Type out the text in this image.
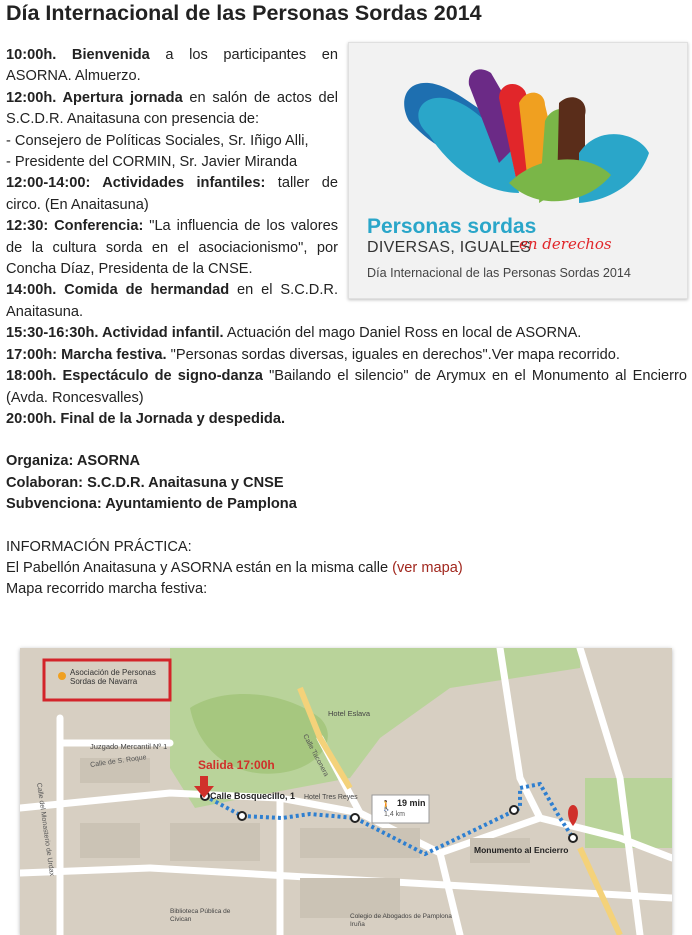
Día Internacional de las Personas Sordas 2014

10:00h. Bienvenida a los participantes en ASORNA. Almuerzo.

12:00h. Apertura jornada en salón de actos del S.C.D.R. Anaitasuna con presencia de:

- Consejero de Políticas Sociales, Sr. Iñigo Alli,

- Presidente del CORMIN, Sr. Javier Miranda

12:00-14:00: Actividades infantiles: taller de circo. (En Anaitasuna)

12:30: Conferencia: "La influencia de los valores de la cultura sorda en el asociacionismo", por Concha Díaz, Presidenta de la CNSE.

14:00h. Comida de hermandad en el S.C.D.R. Anaitasuna.

15:30-16:30h. Actividad infantil. Actuación del mago Daniel Ross en local de ASORNA.

17:00h: Marcha festiva. "Personas sordas diversas, iguales en derechos".Ver mapa recorrido.

18:00h. Espectáculo de signo-danza "Bailando el silencio" de Arymux en el Monumento al Encierro (Avda. Roncesvalles)

20:00h. Final de la Jornada y despedida.

Organiza: ASORNA

Colaboran: S.C.D.R. Anaitasuna y CNSE

Subvenciona: Ayuntamiento de Pamplona

INFORMACIÓN PRÁCTICA:

El Pabellón Anaitasuna y ASORNA están en la misma calle (ver mapa)

Mapa recorrido marcha festiva:

Personas sordas
DIVERSAS, IGUALES
en derechos
Día Internacional de las Personas Sordas 2014
🚶
Asociación de Personas Sordas de Navarra
Salida 17:00h
Calle Bosquecillo, 1
19 min
1,4 km
Monumento al Encierro
Hotel Eslava
Juzgado Mercantil Nº 1
Calle de S. Roque
Calle del Monasterio de Urdax
Calle Taconera
Hotel Tres Reyes
Biblioteca Pública de Civican	Colegio de Abogados de Pamplona Iruña
